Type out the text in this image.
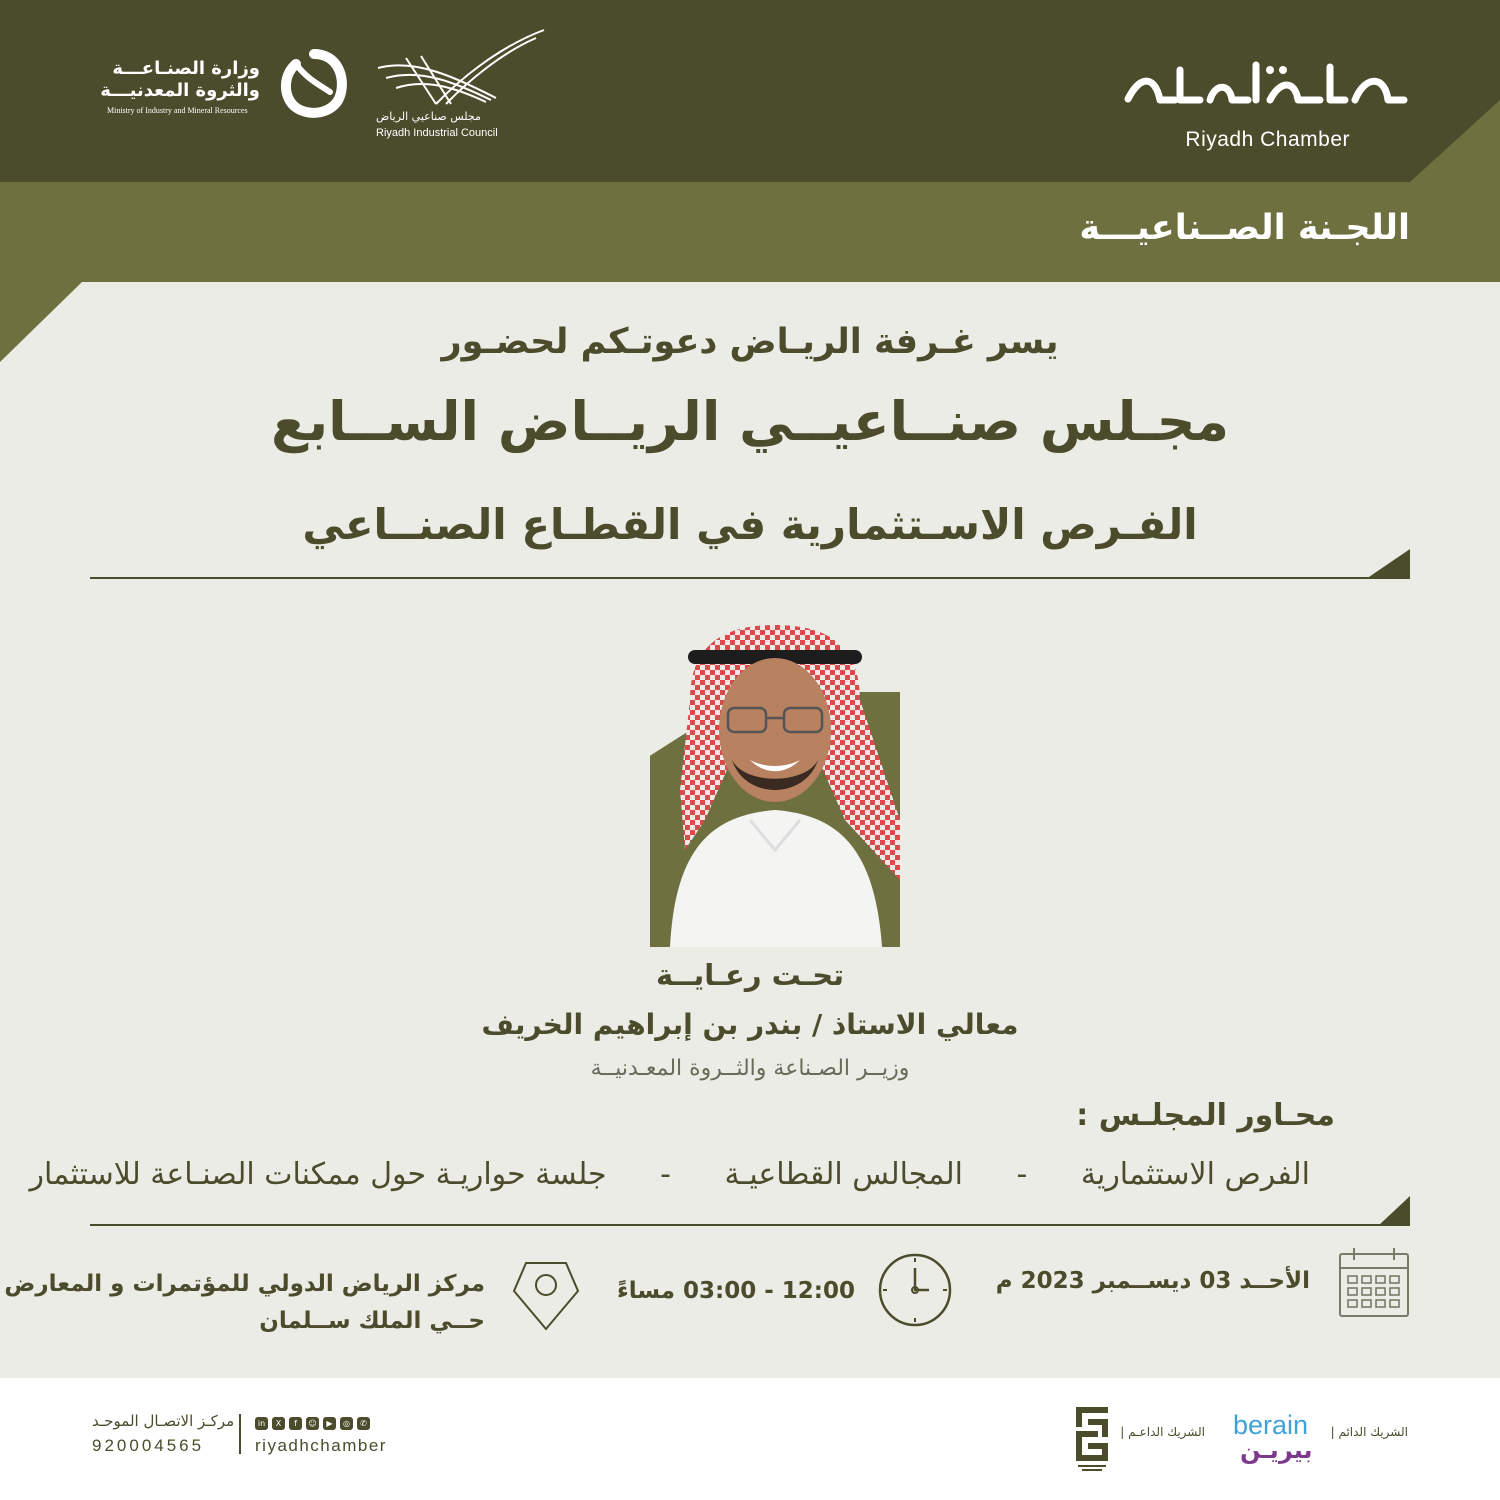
Riyadh Chamber
وزارة الصنـاعـــة
والثروة المعدنيـــة
Ministry of Industry and Mineral Resources	مجلس صناعيي الرياض
Riyadh Industrial Council
اللجـنة الصــناعيـــة
يسر غـرفة الريـاض دعوتـكم لحضـور
مجـلس صنــاعيــي الريــاض الســابع
الفـرص الاسـتثمارية في القطـاع الصنــاعي
تحـت رعـايــة
معالي الاستاذ / بندر بن إبراهيم الخريف
وزيــر الصـناعة والثــروة المعـدنيــة
محـاور المجلـس :
الفرص الاستثمارية - المجالس القطاعيـة - جلسة حواريـة حول ممكنات الصنـاعة للاستثمار
الأحــد 03 ديســمبر 2023 م
12:00 - 03:00 مساءً
مركز الرياض الدولي للمؤتمرات و المعارض
حــي الملك ســلمان
الشريك الدائم |
berain
بيريـن
الشريك الداعـم |
مركـز الاتصـال الموحـد
920004565
in	X	f	☺	▶	◎	✆
riyadhchamber
